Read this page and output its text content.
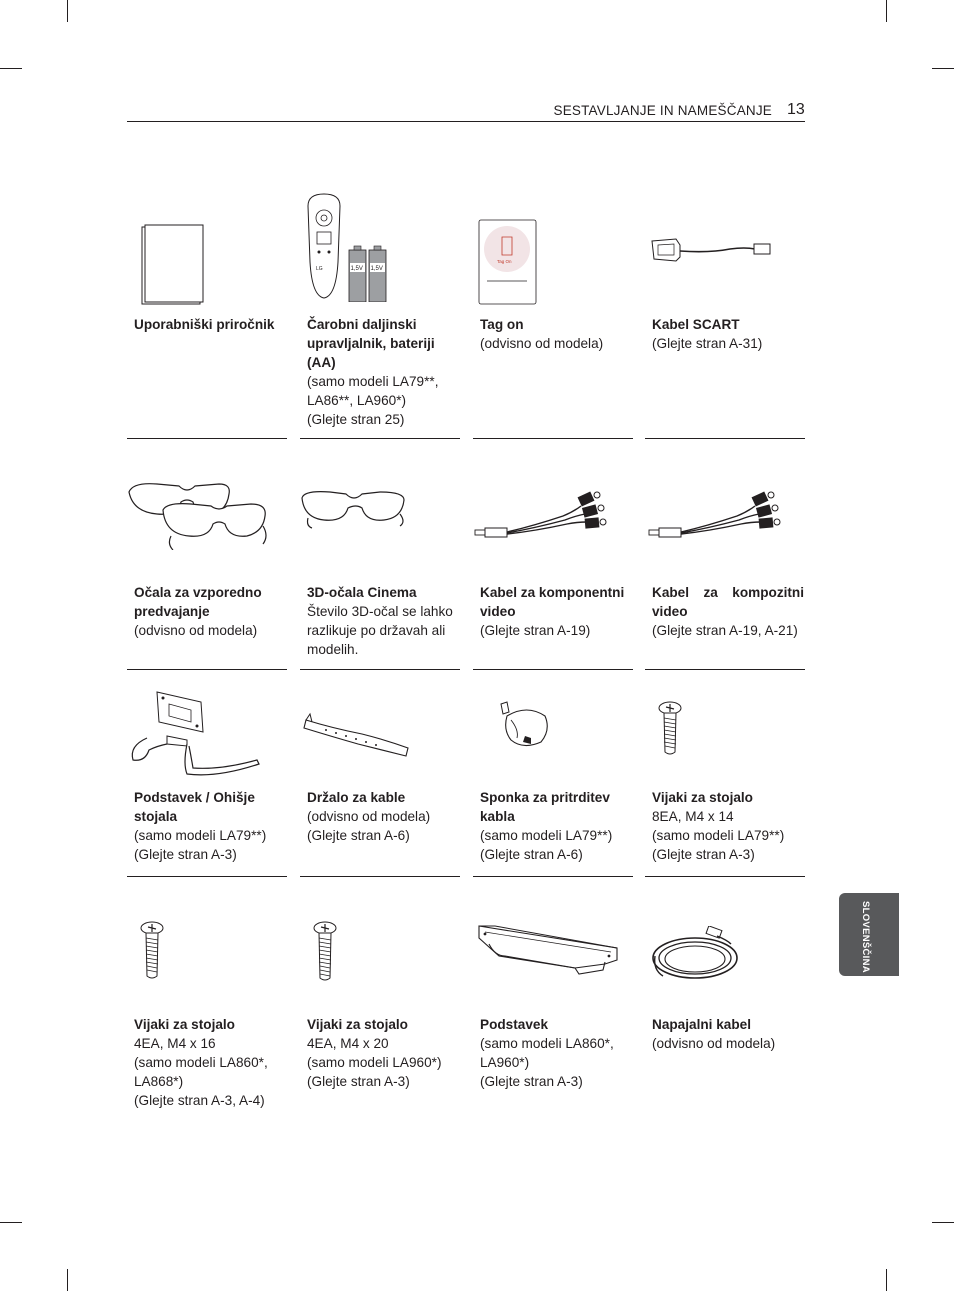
SESTAVLJANJE IN NAMEŠČANJE 13
Uporabniški priročnik
LG	1,5V 1,5V
Čarobni daljinski upravljalnik, bateriji (AA)
(samo modeli LA79**, LA86**, LA960*)
(Glejte stran 25)
Tag On
Tag on
(odvisno od modela)
Kabel SCART
(Glejte stran A-31)
Očala za vzporedno predvajanje
(odvisno od modela)
3D-očala Cinema
Število 3D-očal se lahko razlikuje po državah ali modelih.
Kabel za komponentni video
(Glejte stran A-19)
Kabel za kompozitni video
(Glejte stran A-19, A-21)
Podstavek / Ohišje stojala
(samo modeli LA79**)
(Glejte stran A-3)
Držalo za kable
(odvisno od modela)
(Glejte stran A-6)
Sponka za pritrditev kabla
(samo modeli LA79**)
(Glejte stran A-6)
Vijaki za stojalo
8EA, M4 x 14
(samo modeli LA79**)
(Glejte stran A-3)
Vijaki za stojalo
4EA, M4 x 16
(samo modeli LA860*, LA868*)
(Glejte stran A-3, A-4)
Vijaki za stojalo
4EA, M4 x 20
(samo modeli LA960*)
(Glejte stran A-3)
Podstavek
(samo modeli LA860*, LA960*)
(Glejte stran A-3)
Napajalni kabel
(odvisno od modela)
SLOVENŠČINA
